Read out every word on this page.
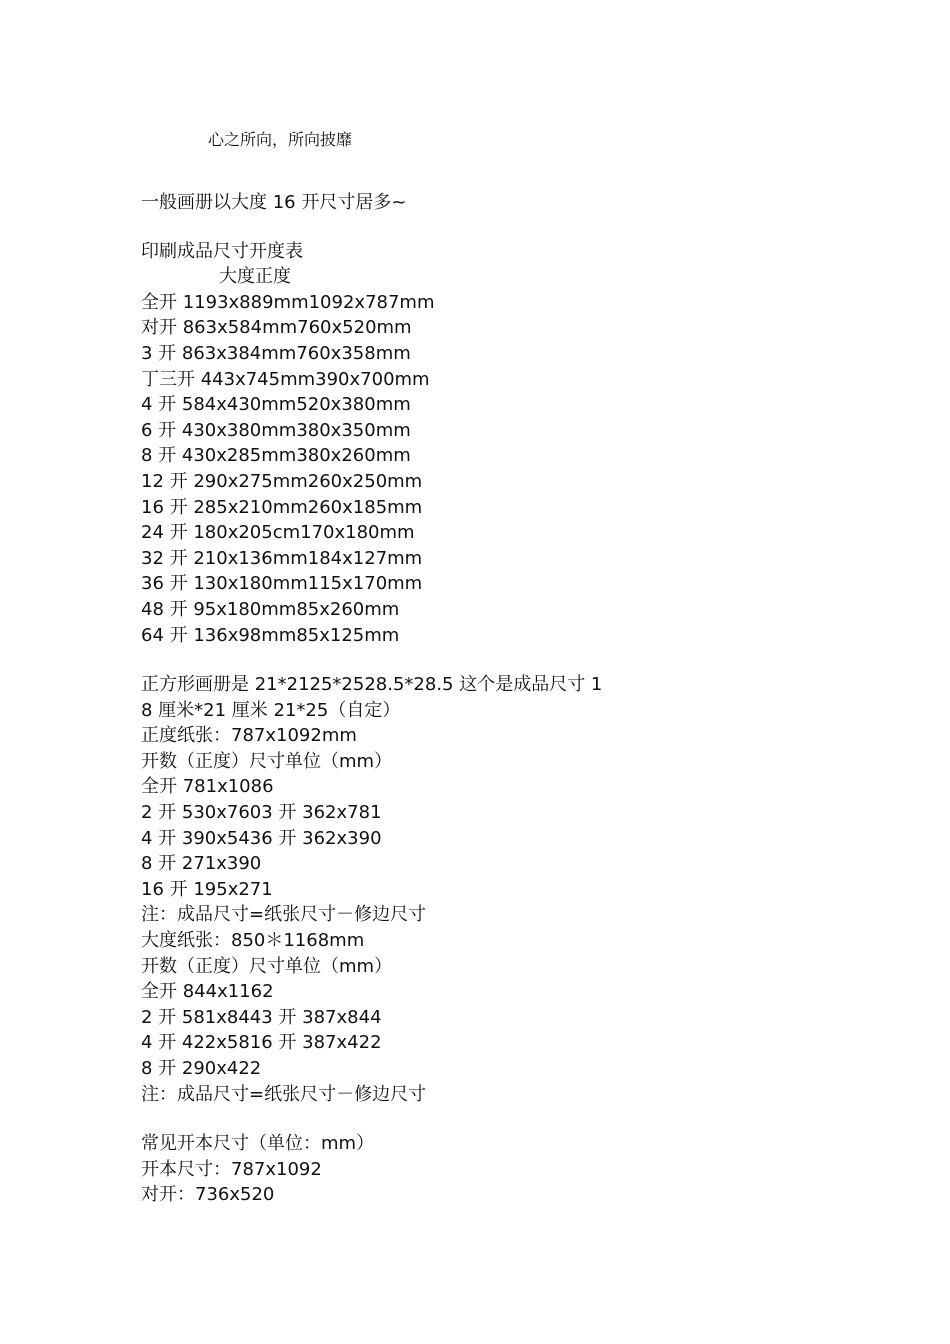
心之所向，所向披靡
一般画册以大度 16 开尺寸居多~
印刷成品尺寸开度表
大度正度
全开 1193x889mm1092x787mm
对开 863x584mm760x520mm
3 开 863x384mm760x358mm
丁三开 443x745mm390x700mm
4 开 584x430mm520x380mm
6 开 430x380mm380x350mm
8 开 430x285mm380x260mm
12 开 290x275mm260x250mm
16 开 285x210mm260x185mm
24 开 180x205cm170x180mm
32 开 210x136mm184x127mm
36 开 130x180mm115x170mm
48 开 95x180mm85x260mm
64 开 136x98mm85x125mm
正方形画册是 21*2125*2528.5*28.5 这个是成品尺寸 1
8 厘米*21 厘米 21*25（自定）
正度纸张：787x1092mm
开数（正度）尺寸单位（mm）
全开 781x1086
2 开 530x7603 开 362x781
4 开 390x5436 开 362x390
8 开 271x390
16 开 195x271
注：成品尺寸=纸张尺寸－修边尺寸
大度纸张：850＊1168mm
开数（正度）尺寸单位（mm）
全开 844x1162
2 开 581x8443 开 387x844
4 开 422x5816 开 387x422
8 开 290x422
注：成品尺寸=纸张尺寸－修边尺寸
常见开本尺寸（单位：mm）
开本尺寸：787x1092
对开：736x520
